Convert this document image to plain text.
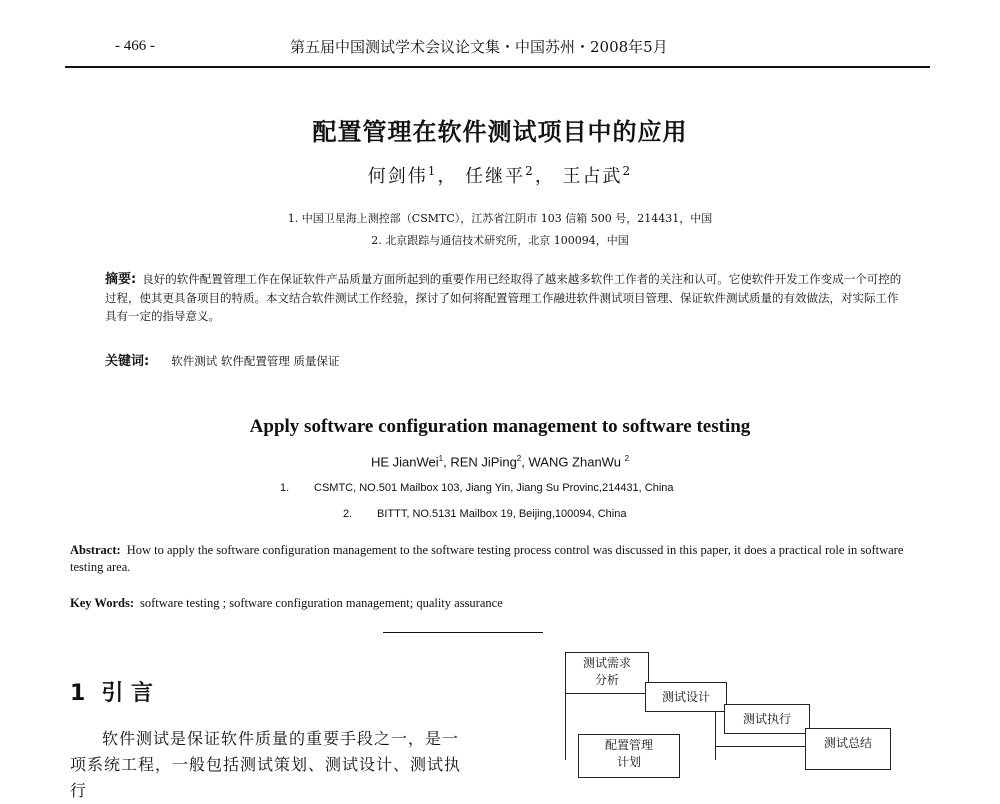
- 466 -	第五届中国测试学术会议论文集・中国苏州・2008年5月
配置管理在软件测试项目中的应用
何剑伟$^1$， 任继平$^2$， 王占武$^2$
1. 中国卫星海上测控部（CSMTC），江苏省江阴市 103 信箱 500 号，214431，中国
2. 北京跟踪与通信技术研究所，北京 100094，中国
摘要: 良好的软件配置管理工作在保证软件产品质量方面所起到的重要作用已经取得了越来越多软件工作者的关注和认可。它使软件开发工作变成一个可控的过程，使其更具备项目的特质。本文结合软件测试工作经验，探讨了如何将配置管理工作融进软件测试项目管理、保证软件测试质量的有效做法，对实际工作具有一定的指导意义。
关键词: 软件测试 软件配置管理 质量保证
Apply software configuration management to software testing
HE JianWei$^1$, REN JiPing$^2$, WANG ZhanWu $^2$
1. CSMTC, NO.501 Mailbox 103, Jiang Yin, Jiang Su Provinc,214431, China
2. BITTT, NO.5131 Mailbox 19, Beijing,100094, China
Abstract: How to apply the software configuration management to the software testing process control was discussed in this paper, it does a practical role in software testing area.
Key Words: software testing ; software configuration management; quality assurance
1 引 言
软件测试是保证软件质量的重要手段之一，是一项系统工程，一般包括测试策划、测试设计、测试执行
测试需求
分析
测试设计
测试执行
测试总结
配置管理
计划
